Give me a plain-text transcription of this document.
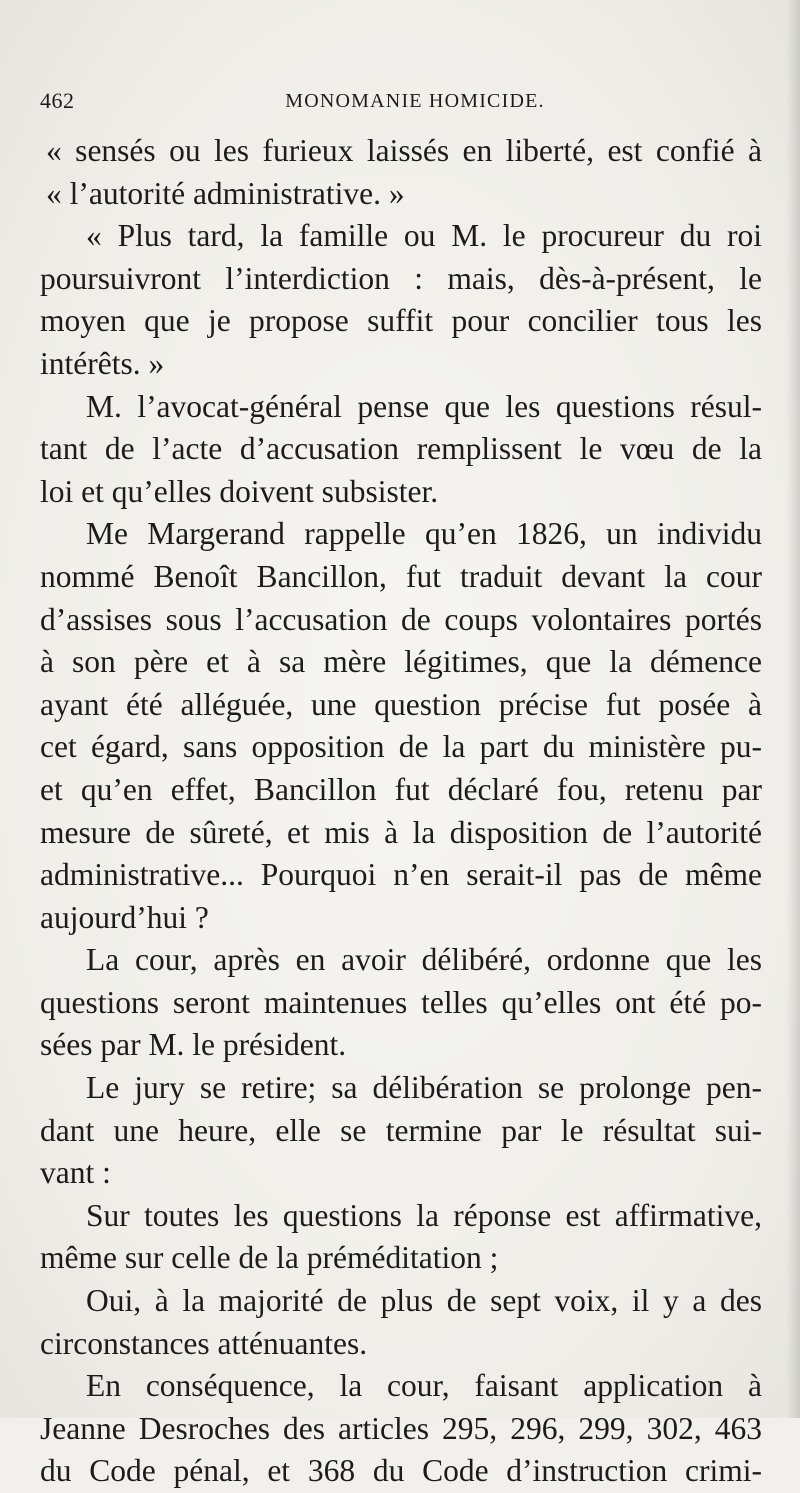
462	MONOMANIE HOMICIDE.
« sensés ou les furieux laissés en liberté, est confié à
« l’autorité administrative. »
« Plus tard, la famille ou M. le procureur du roi
poursuivront l’interdiction : mais, dès-à-présent, le
moyen que je propose suffit pour concilier tous les
intérêts. »
M. l’avocat-général pense que les questions résul-
tant de l’acte d’accusation remplissent le vœu de la
loi et qu’elles doivent subsister.
Me Margerand rappelle qu’en 1826, un individu
nommé Benoît Bancillon, fut traduit devant la cour
d’assises sous l’accusation de coups volontaires portés
à son père et à sa mère légitimes, que la démence
ayant été alléguée, une question précise fut posée à
cet égard, sans opposition de la part du ministère pu-
et qu’en effet, Bancillon fut déclaré fou, retenu par
mesure de sûreté, et mis à la disposition de l’autorité
administrative... Pourquoi n’en serait-il pas de même
aujourd’hui ?
La cour, après en avoir délibéré, ordonne que les
questions seront maintenues telles qu’elles ont été po-
sées par M. le président.
Le jury se retire; sa délibération se prolonge pen-
dant une heure, elle se termine par le résultat sui-
vant :
Sur toutes les questions la réponse est affirmative,
même sur celle de la préméditation ;
Oui, à la majorité de plus de sept voix, il y a des
circonstances atténuantes.
En conséquence, la cour, faisant application à
Jeanne Desroches des articles 295, 296, 299, 302, 463
du Code pénal, et 368 du Code d’instruction crimi-
